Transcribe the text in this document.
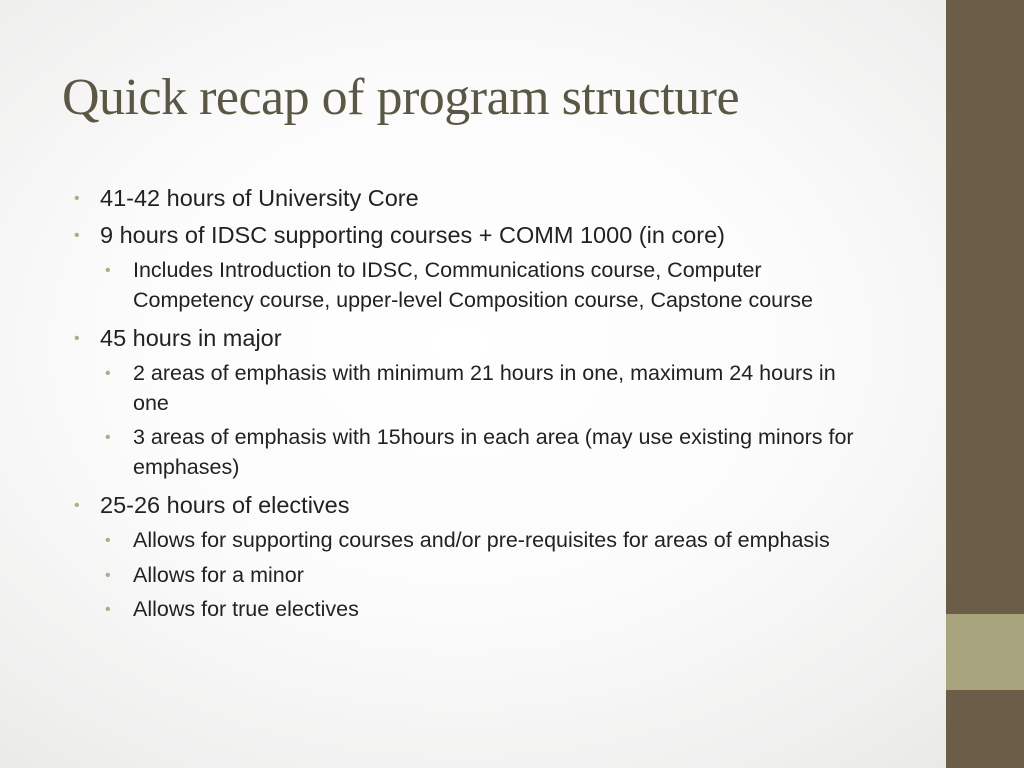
Quick recap of program structure
• 41-42 hours of University Core
• 9 hours of IDSC supporting courses + COMM 1000 (in core)
• Includes Introduction to IDSC, Communications course, Computer Competency course, upper-level Composition course, Capstone course
• 45 hours in major
• 2 areas of emphasis with minimum 21 hours in one, maximum 24 hours in one
• 3 areas of emphasis with 15hours in each area (may use existing minors for emphases)
• 25-26 hours of electives
• Allows for supporting courses and/or pre-requisites for areas of emphasis
• Allows for a minor
• Allows for true electives
